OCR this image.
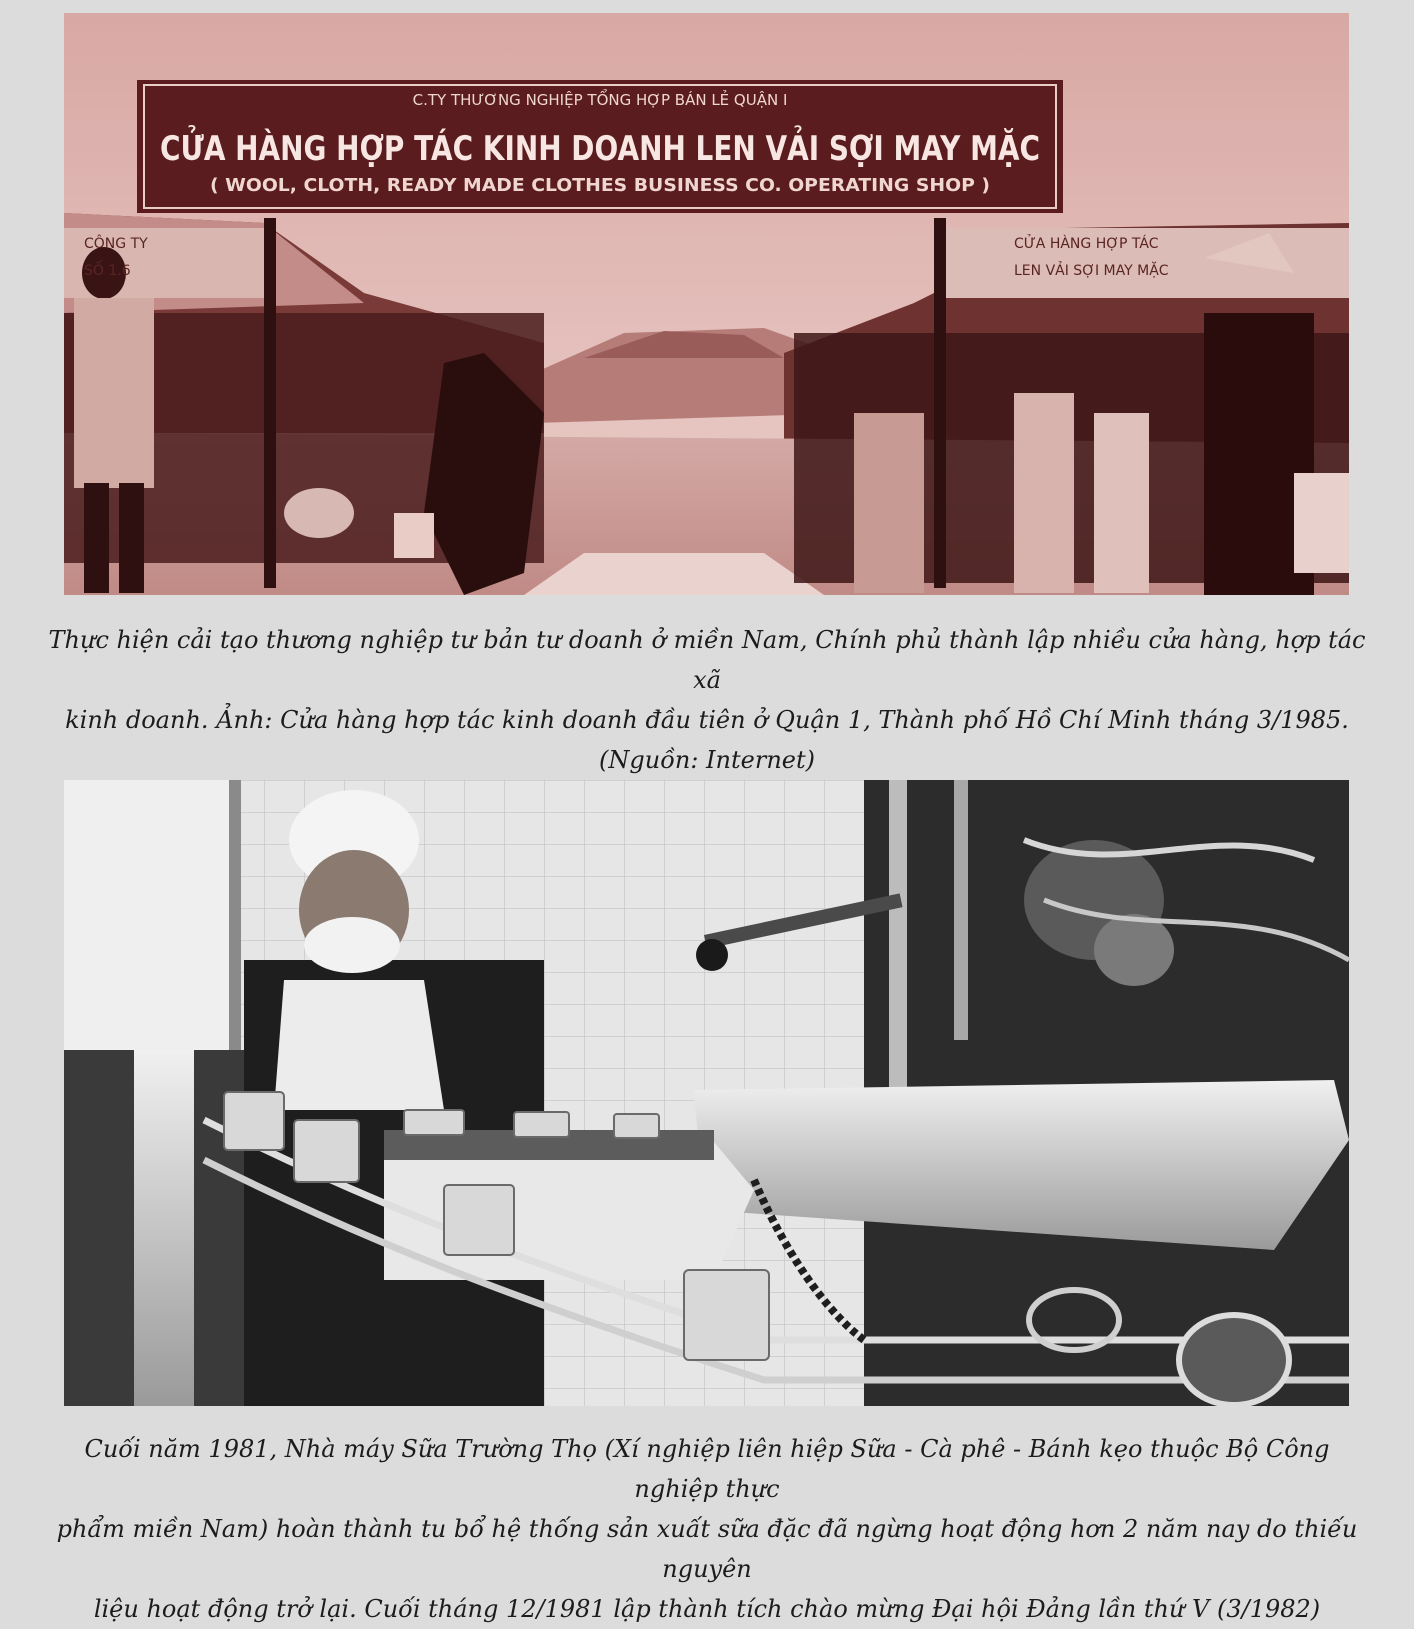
C.TY THƯƠNG NGHIỆP TỔNG HỢP BÁN LẺ QUẬN I
CỬA HÀNG HỢP TÁC KINH DOANH LEN VẢI SỢI MAY MẶC
( WOOL, CLOTH, READY MADE CLOTHES BUSINESS CO. OPERATING SHOP )
CÔNG TY
SỐ 1.6
CỬA HÀNG HỢP TÁC
LEN VẢI SỢI MAY MẶC
Thực hiện cải tạo thương nghiệp tư bản tư doanh ở miền Nam, Chính phủ thành lập nhiều cửa hàng, hợp tác xã
kinh doanh. Ảnh: Cửa hàng hợp tác kinh doanh đầu tiên ở Quận 1, Thành phố Hồ Chí Minh tháng 3/1985.
(Nguồn: Internet)
Cuối năm 1981, Nhà máy Sữa Trường Thọ (Xí nghiệp liên hiệp Sữa - Cà phê - Bánh kẹo thuộc Bộ Công nghiệp thực
phẩm miền Nam) hoàn thành tu bổ hệ thống sản xuất sữa đặc đã ngừng hoạt động hơn 2 năm nay do thiếu nguyên
liệu hoạt động trở lại. Cuối tháng 12/1981 lập thành tích chào mừng Đại hội Đảng lần thứ V (3/1982)
